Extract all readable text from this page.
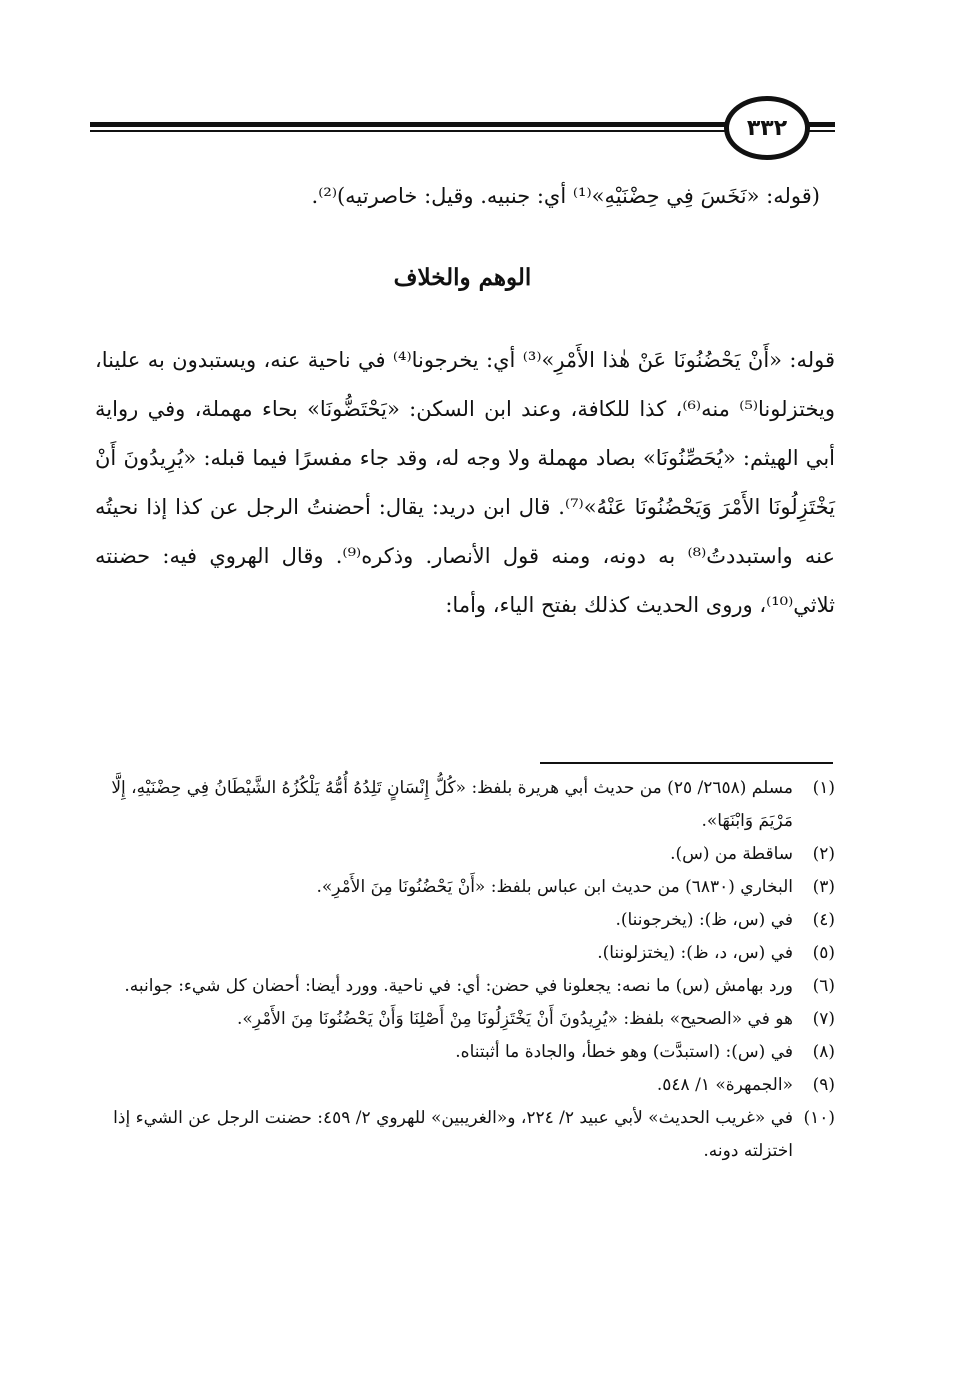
٣٣٢
(قوله: «نَخَسَ فِي حِضْنَيْهِ»⁽¹⁾ أي: جنبيه. وقيل: خاصرتيه)⁽²⁾.
الوهم والخلاف
قوله: «أَنْ يَحْضُنُونَا عَنْ هٰذا الأَمْرِ»⁽³⁾ أي: يخرجونا⁽⁴⁾ في ناحية عنه، ويستبدون به علينا، ويختزلونا⁽⁵⁾ منه⁽⁶⁾، كذا للكافة، وعند ابن السكن: «يَحْتَضُّونَا» بحاء مهملة، وفي رواية أبي الهيثم: «يُحَصِّنُونَا» بصاد مهملة ولا وجه له، وقد جاء مفسرًا فيما قبله: «يُرِيدُونَ أَنْ يَخْتَزِلُونَا الأَمْرَ وَيَحْضُنُونَا عَنْهُ»⁽⁷⁾. قال ابن دريد: يقال: أحضنتُ الرجل عن كذا إذا نحيتُه عنه واستبددتُ⁽⁸⁾ به دونه، ومنه قول الأنصار. وذكره⁽⁹⁾. وقال الهروي فيه: حضنته ثلاثي⁽¹⁰⁾، وروى الحديث كذلك بفتح الياء، وأما:
(١)
مسلم (٢٦٥٨/ ٢٥) من حديث أبي هريرة بلفظ: «كُلُّ إِنْسَانٍ تَلِدُهُ أُمُّهُ يَلْكُزُهُ الشَّيْطَانُ فِي حِضْنَيْهِ، إِلَّا مَرْيَمَ وَابْنَهَا».
(٢)
ساقطة من (س).
(٣)
البخاري (٦٨٣٠) من حديث ابن عباس بلفظ: «أَنْ يَحْضُنُونَا مِنَ الأَمْرِ».
(٤)
في (س، ظ): (يخرجوننا).
(٥)
في (س، د، ظ): (يختزلوننا).
(٦)
ورد بهامش (س) ما نصه: يجعلونا في حضن: أي: في ناحية. وورد أيضا: أحضان كل شيء: جوانبه.
(٧)
هو في «الصحيح» بلفظ: «يُرِيدُونَ أَنْ يَخْتَزِلُونَا مِنْ أَصْلِنَا وَأَنْ يَحْضُنُونَا مِنَ الأَمْرِ».
(٨)
في (س): (استبدَّت) وهو خطأ، والجادة ما أثبتناه.
(٩)
«الجمهرة» ١/ ٥٤٨.
(١٠)
في «غريب الحديث» لأبي عبيد ٢/ ٢٢٤، و«الغريبين» للهروي ٢/ ٤٥٩: حضنت الرجل عن الشيء إذا اختزلته دونه.
